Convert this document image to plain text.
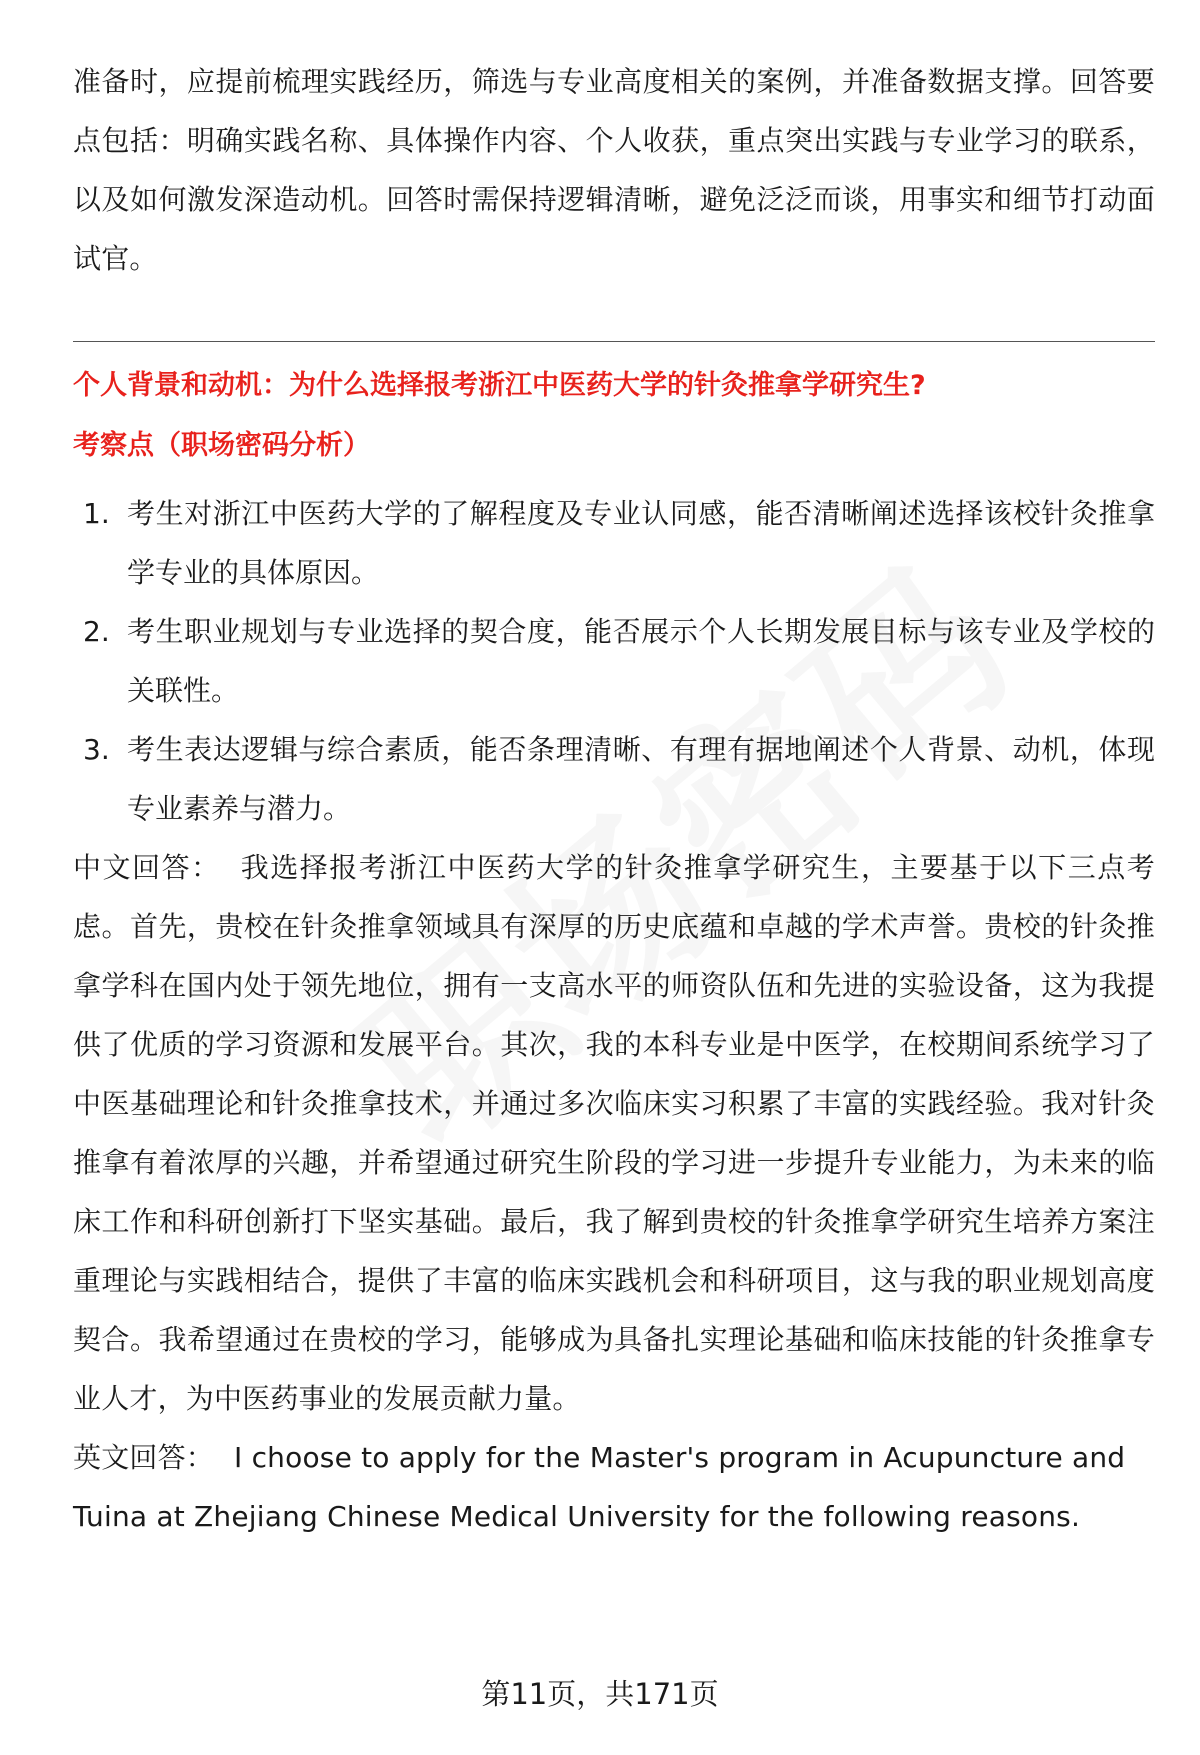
准备时，应提前梳理实践经历，筛选与专业高度相关的案例，并准备数据支撑。回答要点包括：明确实践名称、具体操作内容、个人收获，重点突出实践与专业学习的联系，以及如何激发深造动机。回答时需保持逻辑清晰，避免泛泛而谈，用事实和细节打动面试官。

个人背景和动机：为什么选择报考浙江中医药大学的针灸推拿学研究生?
考察点（职场密码分析）
1. 考生对浙江中医药大学的了解程度及专业认同感，能否清晰阐述选择该校针灸推拿学专业的具体原因。
2. 考生职业规划与专业选择的契合度，能否展示个人长期发展目标与该专业及学校的关联性。
3. 考生表达逻辑与综合素质，能否条理清晰、有理有据地阐述个人背景、动机，体现专业素养与潜力。

中文回答： 我选择报考浙江中医药大学的针灸推拿学研究生，主要基于以下三点考虑。首先，贵校在针灸推拿领域具有深厚的历史底蕴和卓越的学术声誉。贵校的针灸推拿学科在国内处于领先地位，拥有一支高水平的师资队伍和先进的实验设备，这为我提供了优质的学习资源和发展平台。其次，我的本科专业是中医学，在校期间系统学习了中医基础理论和针灸推拿技术，并通过多次临床实习积累了丰富的实践经验。我对针灸推拿有着浓厚的兴趣，并希望通过研究生阶段的学习进一步提升专业能力，为未来的临床工作和科研创新打下坚实基础。最后，我了解到贵校的针灸推拿学研究生培养方案注重理论与实践相结合，提供了丰富的临床实践机会和科研项目，这与我的职业规划高度契合。我希望通过在贵校的学习，能够成为具备扎实理论基础和临床技能的针灸推拿专业人才，为中医药事业的发展贡献力量。

英文回答： I choose to apply for the Master's program in Acupuncture and Tuina at Zhejiang Chinese Medical University for the following reasons.

第11页，共171页
